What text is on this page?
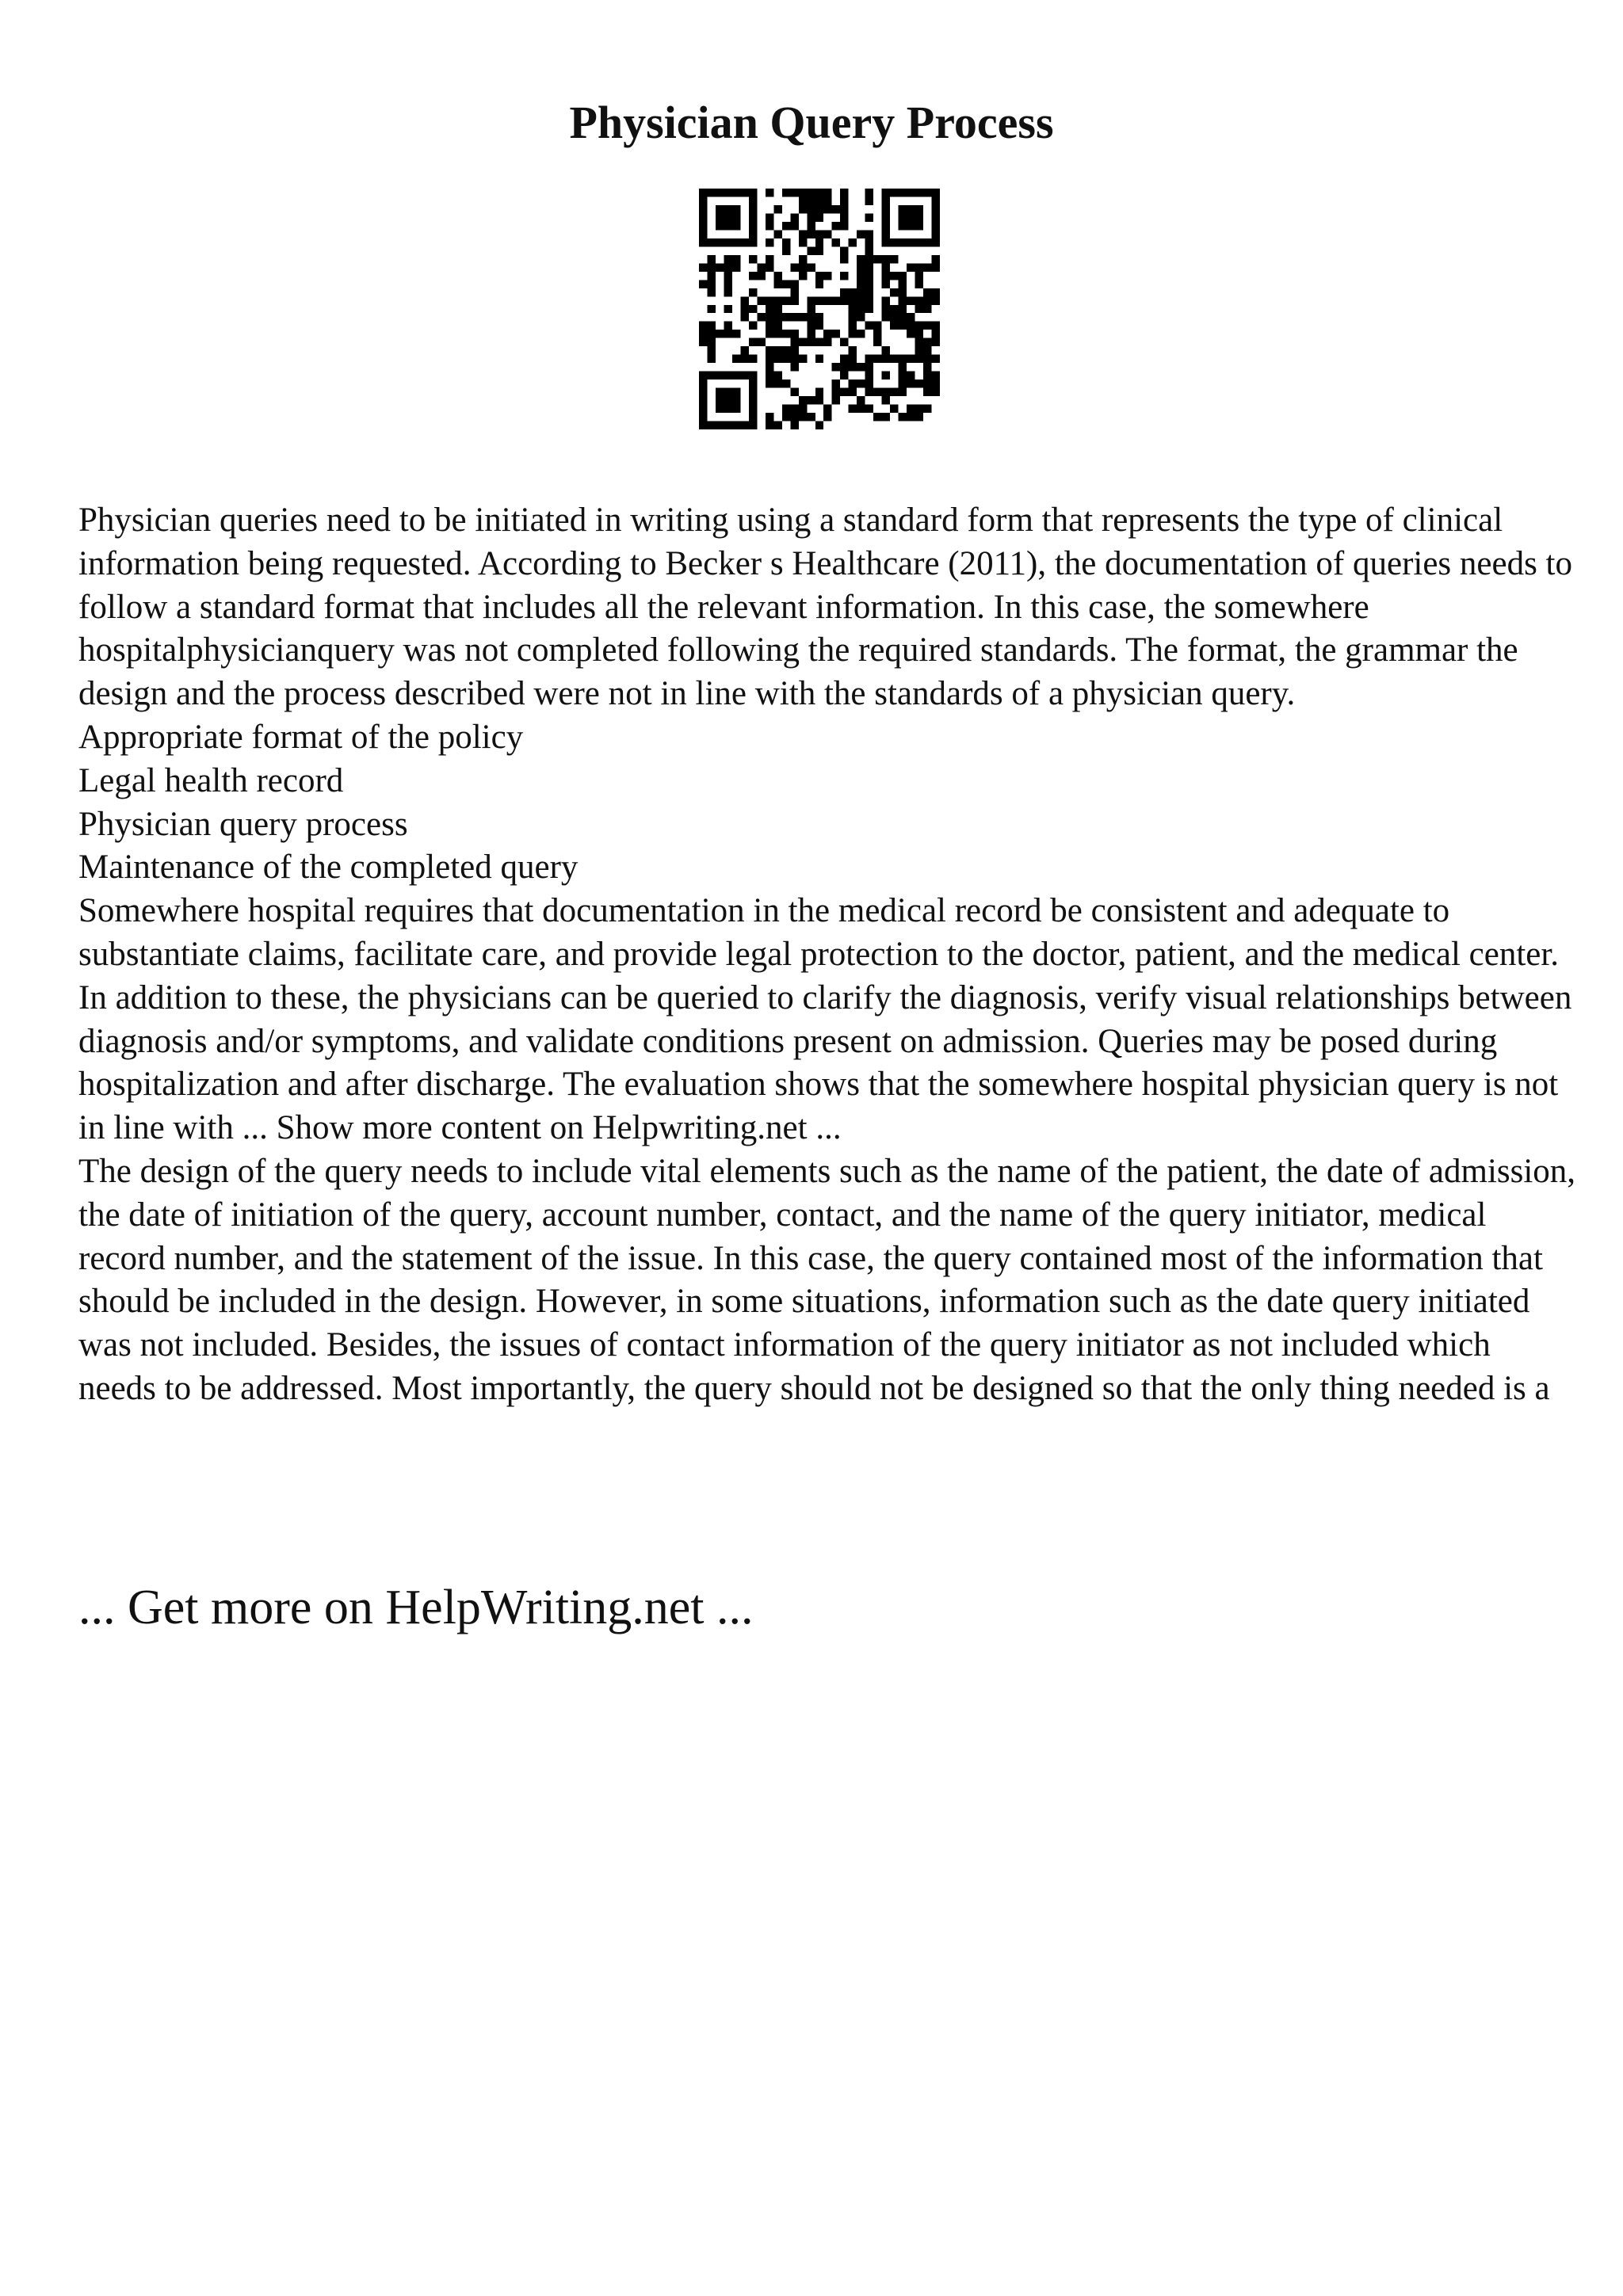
Physician Query Process

Physician queries need to be initiated in writing using a standard form that represents the type of clinical information being requested. According to Becker s Healthcare (2011), the documentation of queries needs to follow a standard format that includes all the relevant information. In this case, the somewhere hospitalphysicianquery was not completed following the required standards. The format, the grammar the design and the process described were not in line with the standards of a physician query.

Appropriate format of the policy

Legal health record

Physician query process

Maintenance of the completed query

Somewhere hospital requires that documentation in the medical record be consistent and adequate to substantiate claims, facilitate care, and provide legal protection to the doctor, patient, and the medical center. In addition to these, the physicians can be queried to clarify the diagnosis, verify visual relationships between diagnosis and/or symptoms, and validate conditions present on admission. Queries may be posed during hospitalization and after discharge. The evaluation shows that the somewhere hospital physician query is not in line with ... Show more content on Helpwriting.net ...

The design of the query needs to include vital elements such as the name of the patient, the date of admission, the date of initiation of the query, account number, contact, and the name of the query initiator, medical record number, and the statement of the issue. In this case, the query contained most of the information that should be included in the design. However, in some situations, information such as the date query initiated was not included. Besides, the issues of contact information of the query initiator as not included which needs to be addressed. Most importantly, the query should not be designed so that the only thing needed is a

... Get more on HelpWriting.net ...
